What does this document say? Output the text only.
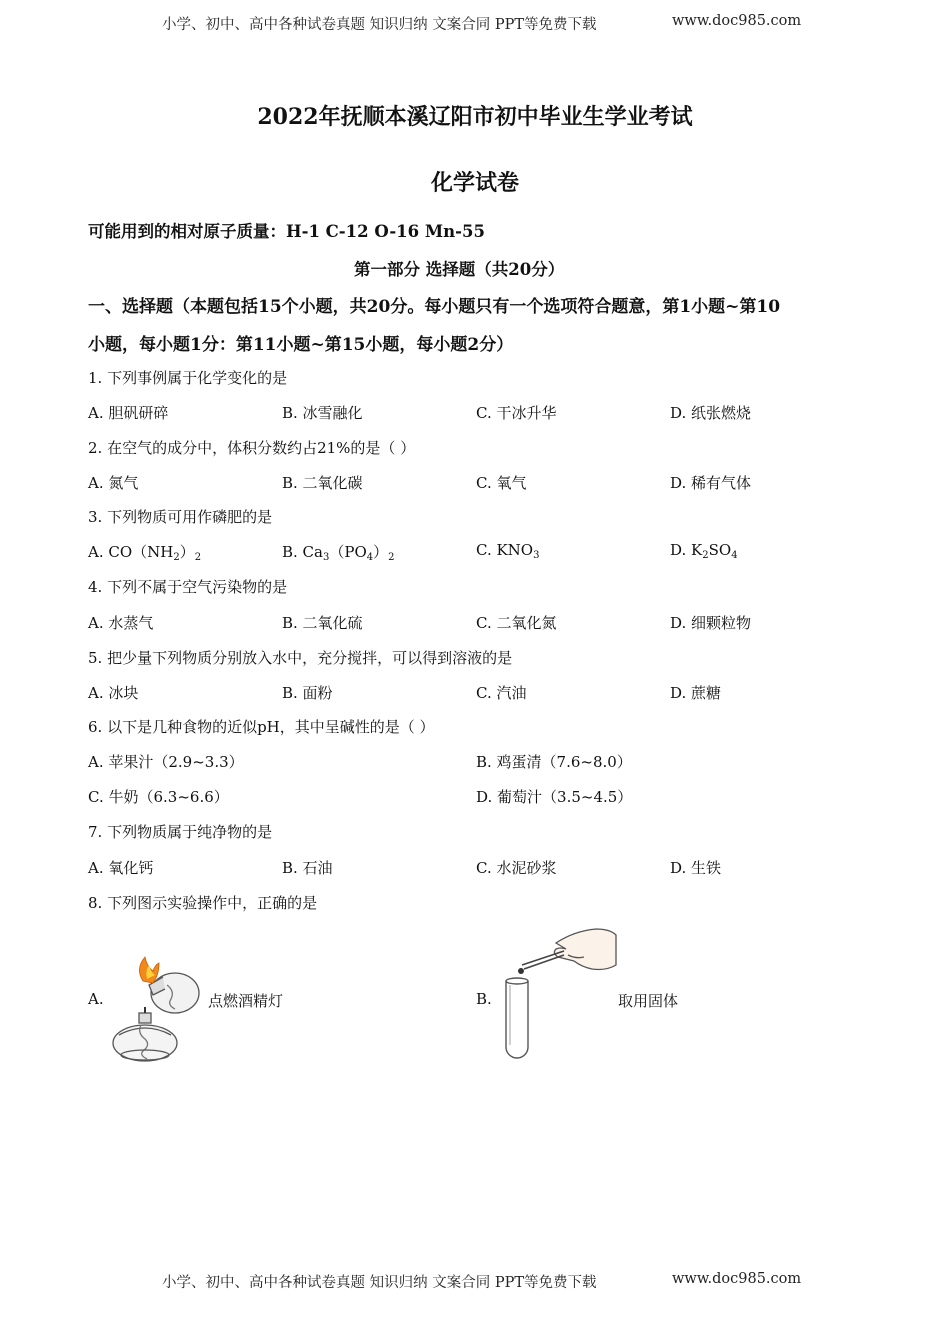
小学、初中、高中各种试卷真题 知识归纳 文案合同 PPT等免费下载	www.doc985.com
2022年抚顺本溪辽阳市初中毕业生学业考试
化学试卷
可能用到的相对原子质量：H-1 C-12 O-16 Mn-55
第一部分 选择题（共20分）
一、选择题（本题包括15个小题，共20分。每小题只有一个选项符合题意，第1小题~第10
小题，每小题1分：第11小题~第15小题，每小题2分）
1. 下列事例属于化学变化的是
A. 胆矾研碎	B. 冰雪融化	C. 干冰升华	D. 纸张燃烧
2. 在空气的成分中，体积分数约占21%的是（ ）
A. 氮气	B. 二氧化碳	C. 氧气	D. 稀有气体
3. 下列物质可用作磷肥的是
A. $CO(NH_2)_2$	B. $Ca_3(PO_4)_2$	C. $KNO_3$	D. $K_2SO_4$
4. 下列不属于空气污染物的是
A. 水蒸气	B. 二氧化硫	C. 二氧化氮	D. 细颗粒物
5. 把少量下列物质分别放入水中，充分搅拌，可以得到溶液的是
A. 冰块	B. 面粉	C. 汽油	D. 蔗糖
6. 以下是几种食物的近似pH，其中呈碱性的是（ ）
A. 苹果汁（2.9~3.3）	B. 鸡蛋清（7.6~8.0）
C. 牛奶（6.3~6.6）	D. 葡萄汁（3.5~4.5）
7. 下列物质属于纯净物的是
A. 氧化钙	B. 石油	C. 水泥砂浆	D. 生铁
8. 下列图示实验操作中，正确的是
A.	点燃酒精灯	B.	取用固体
小学、初中、高中各种试卷真题 知识归纳 文案合同 PPT等免费下载	www.doc985.com
